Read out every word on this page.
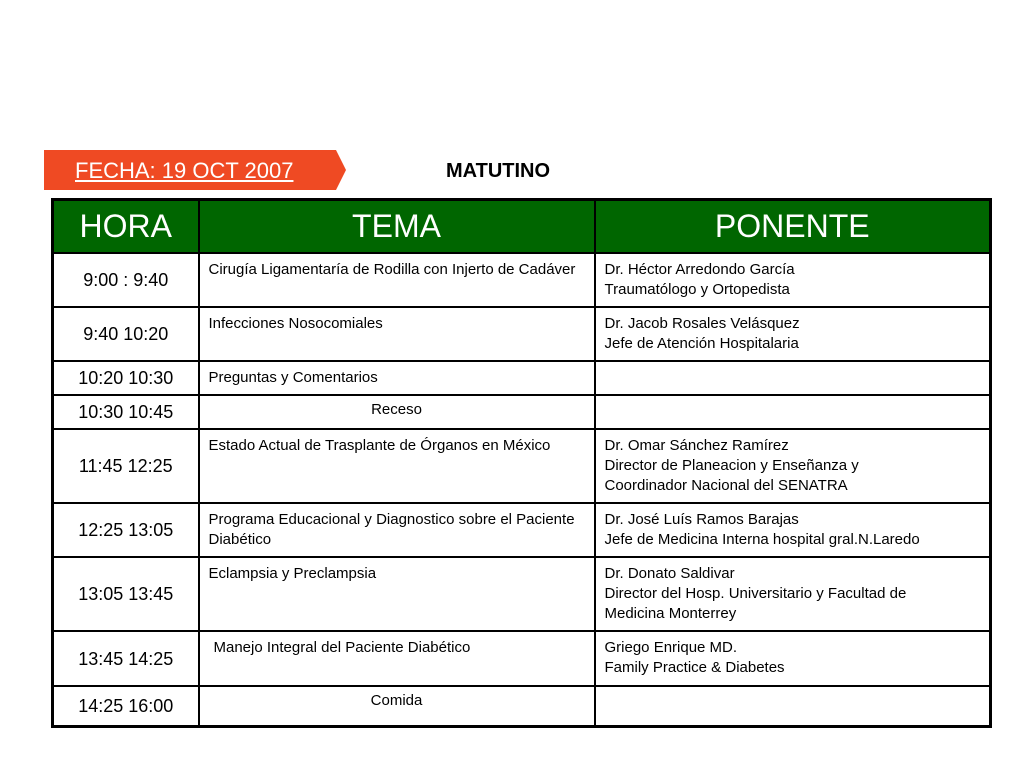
FECHA: 19 OCT 2007	MATUTINO
HORA	TEMA	PONENTE
9:00 : 9:40	Cirugía Ligamentaría de Rodilla con Injerto de Cadáver	Dr. Héctor Arredondo García
Traumatólogo y Ortopedista

9:40 10:20	Infecciones Nosocomiales	Dr. Jacob Rosales Velásquez
Jefe de Atención Hospitalaria

10:20 10:30	Preguntas y Comentarios	
10:30 10:45	Receso	
11:45 12:25	Estado Actual de Trasplante de Órganos en México	Dr. Omar Sánchez Ramírez
Director de Planeacion y Enseñanza y
Coordinador Nacional del SENATRA

12:25 13:05	Programa Educacional y Diagnostico sobre el Paciente Diabético	Dr. José Luís Ramos Barajas
Jefe de Medicina Interna hospital gral.N.Laredo

13:05 13:45	Eclampsia y Preclampsia	Dr. Donato Saldivar
Director del Hosp. Universitario y Facultad de
Medicina Monterrey

13:45 14:25	Manejo Integral del Paciente Diabético	Griego Enrique MD.
Family Practice & Diabetes

14:25 16:00	Comida	
